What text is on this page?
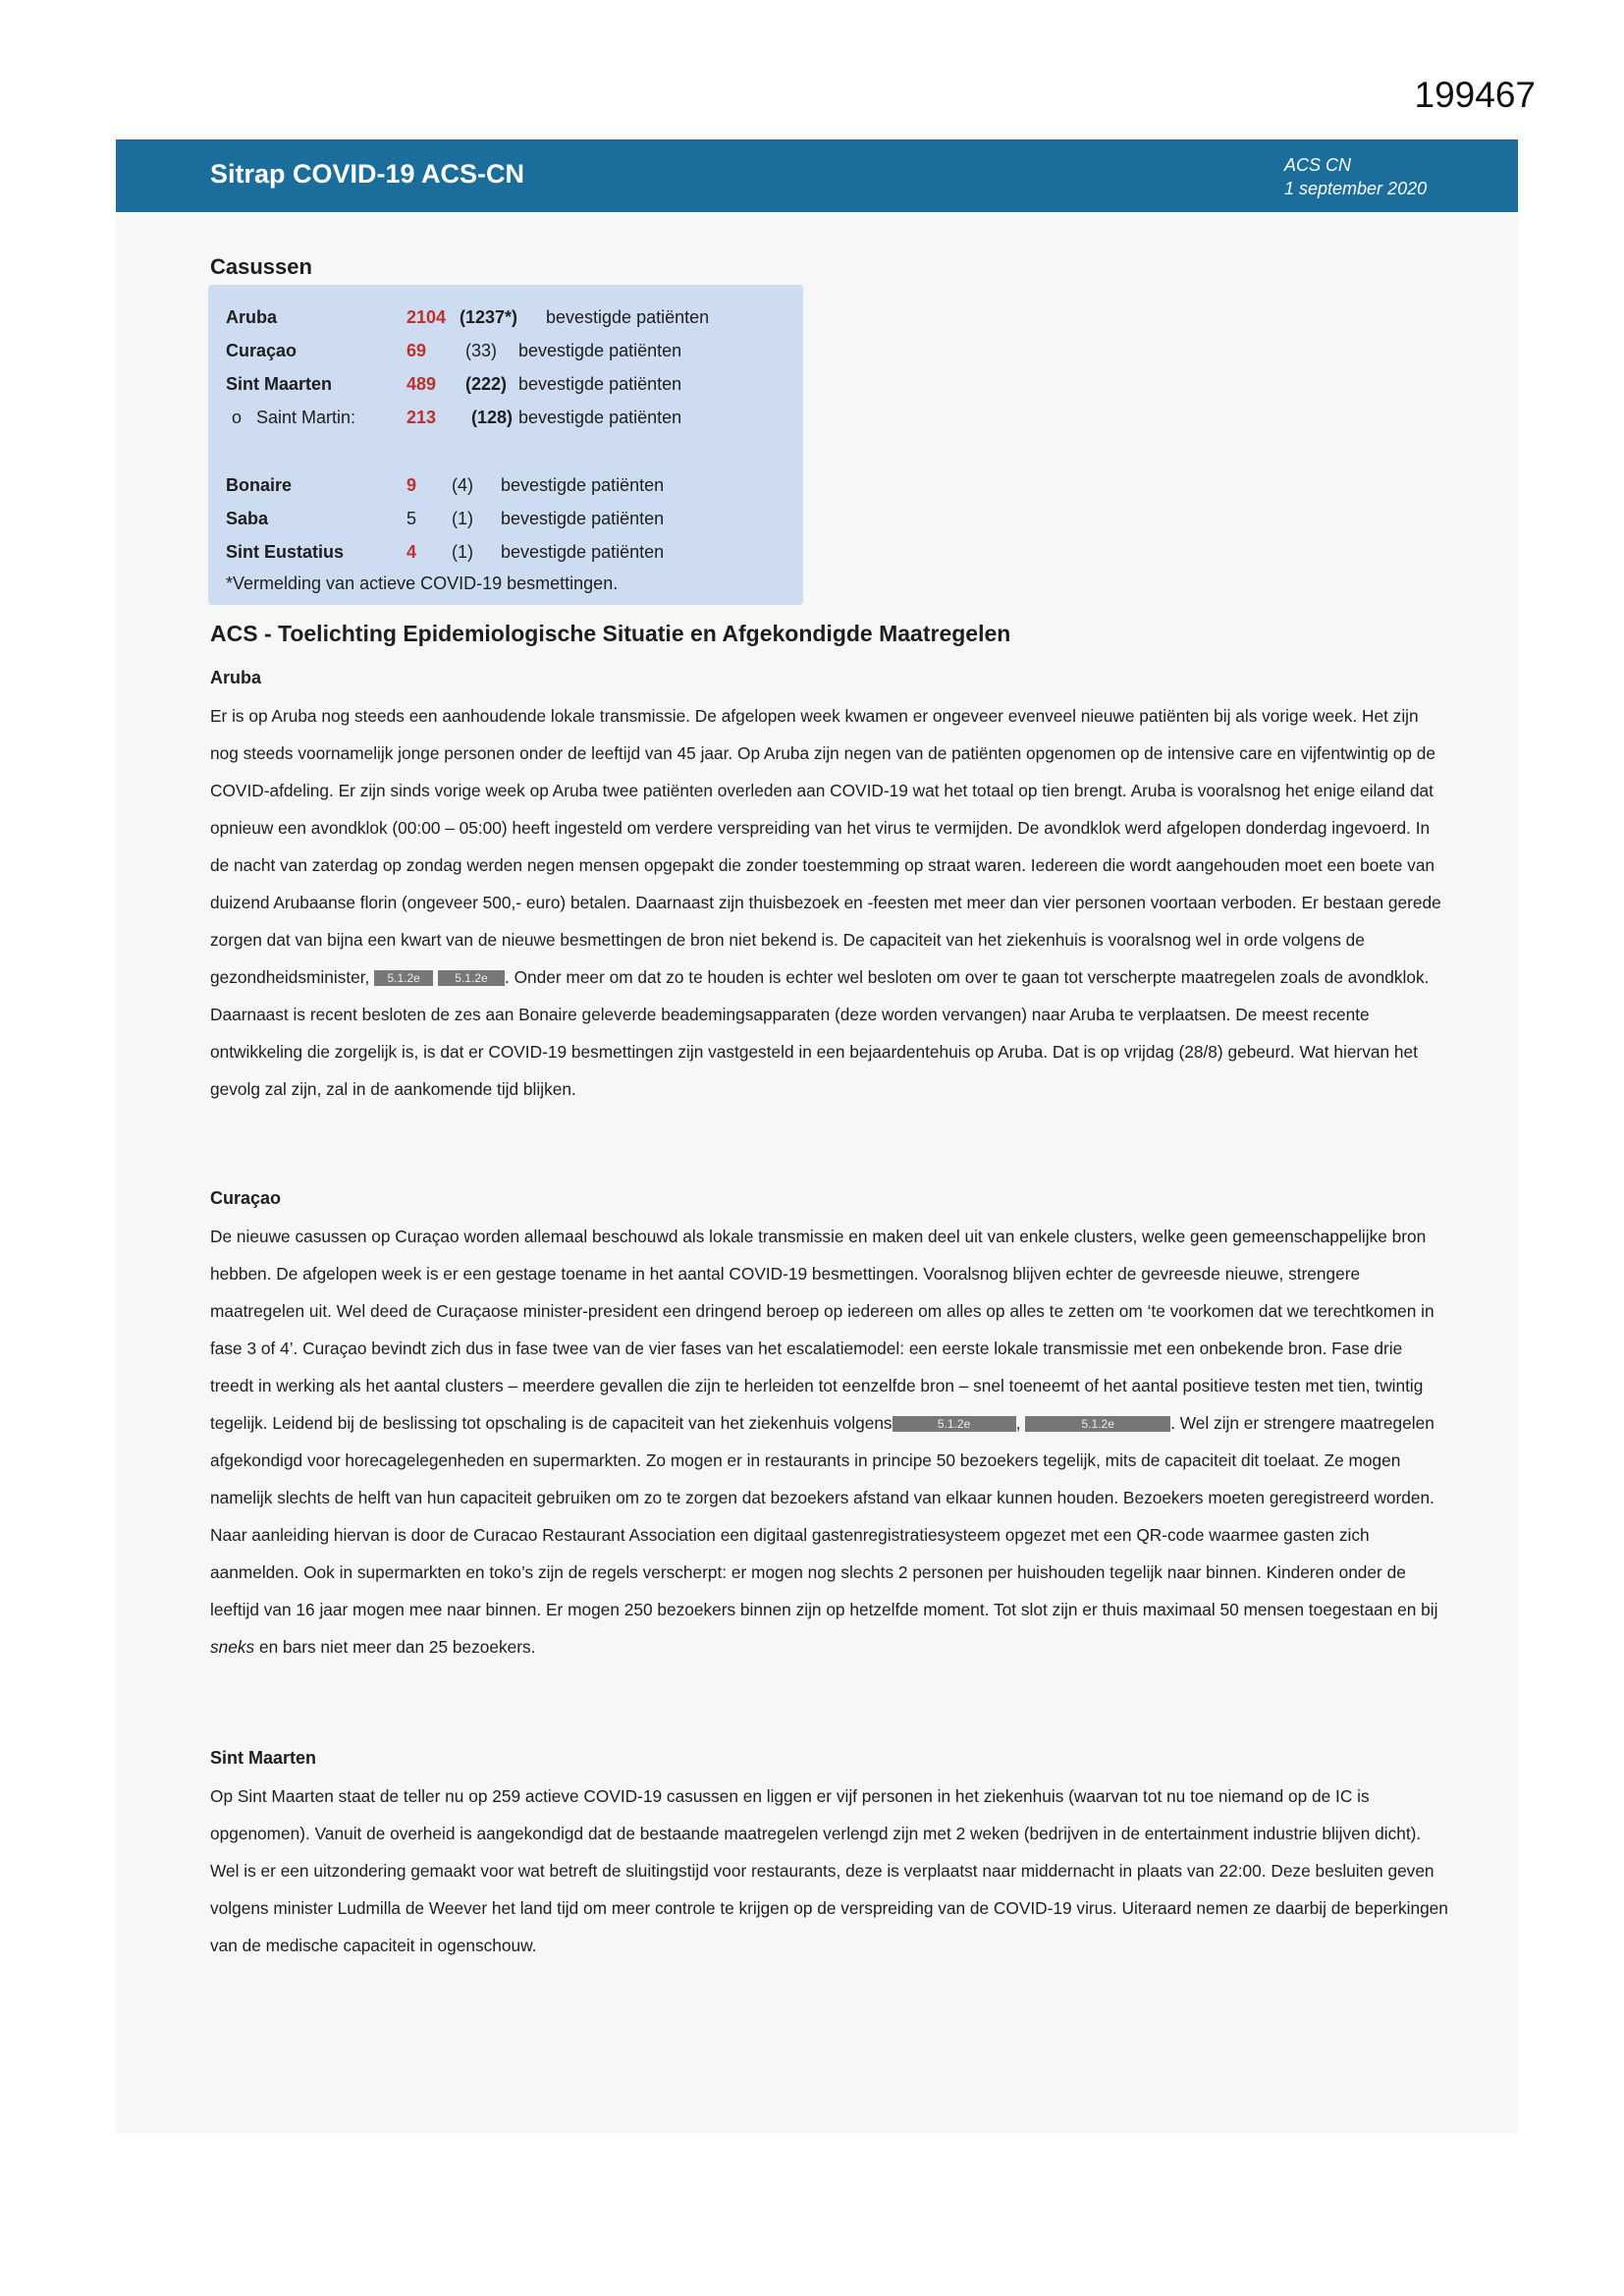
199467
Sitrap COVID-19 ACS-CN	ACS CN
1 september 2020
Casussen
Aruba	2104 (1237*) bevestigde patiënten
Curaçao	69 (33) bevestigde patiënten
Sint Maarten	489 (222) bevestigde patiënten
o   Saint Martin:	213 (128) bevestigde patiënten
Bonaire	9 (4) bevestigde patiënten
Saba	5 (1) bevestigde patiënten
Sint Eustatius	4 (1) bevestigde patiënten
*Vermelding van actieve COVID-19 besmettingen.
ACS - Toelichting Epidemiologische Situatie en Afgekondigde Maatregelen
Aruba

Er is op Aruba nog steeds een aanhoudende lokale transmissie. De afgelopen week kwamen er ongeveer evenveel nieuwe patiënten bij als vorige week. Het zijn nog steeds voornamelijk jonge personen onder de leeftijd van 45 jaar. Op Aruba zijn negen van de patiënten opgenomen op de intensive care en vijfentwintig op de COVID-afdeling. Er zijn sinds vorige week op Aruba twee patiënten overleden aan COVID-19 wat het totaal op tien brengt. Aruba is vooralsnog het enige eiland dat opnieuw een avondklok (00:00 – 05:00) heeft ingesteld om verdere verspreiding van het virus te vermijden. De avondklok werd afgelopen donderdag ingevoerd. In de nacht van zaterdag op zondag werden negen mensen opgepakt die zonder toestemming op straat waren. Iedereen die wordt aangehouden moet een boete van duizend Arubaanse florin (ongeveer 500,- euro) betalen. Daarnaast zijn thuisbezoek en -feesten met meer dan vier personen voortaan verboden. Er bestaan gerede zorgen dat van bijna een kwart van de nieuwe besmettingen de bron niet bekend is. De capaciteit van het ziekenhuis is vooralsnog wel in orde volgens de gezondheidsminister, 5.1.2e	5.1.2e . Onder meer om dat zo te houden is echter wel besloten om over te gaan tot verscherpte maatregelen zoals de avondklok. Daarnaast is recent besloten de zes aan Bonaire geleverde beademingsapparaten (deze worden vervangen) naar Aruba te verplaatsen. De meest recente ontwikkeling die zorgelijk is, is dat er COVID-19 besmettingen zijn vastgesteld in een bejaardentehuis op Aruba. Dat is op vrijdag (28/8) gebeurd. Wat hiervan het gevolg zal zijn, zal in de aankomende tijd blijken.

Curaçao

De nieuwe casussen op Curaçao worden allemaal beschouwd als lokale transmissie en maken deel uit van enkele clusters, welke geen gemeenschappelijke bron hebben. De afgelopen week is er een gestage toename in het aantal COVID-19 besmettingen. Vooralsnog blijven echter de gevreesde nieuwe, strengere maatregelen uit. Wel deed de Curaçaose minister-president een dringend beroep op iedereen om alles op alles te zetten om ‘te voorkomen dat we terechtkomen in fase 3 of 4’. Curaçao bevindt zich dus in fase twee van de vier fases van het escalatiemodel: een eerste lokale transmissie met een onbekende bron. Fase drie treedt in werking als het aantal clusters – meerdere gevallen die zijn te herleiden tot eenzelfde bron – snel toeneemt of het aantal positieve testen met tien, twintig tegelijk. Leidend bij de beslissing tot opschaling is de capaciteit van het ziekenhuis volgens	5.1.2e	,	5.1.2e	. Wel zijn er strengere maatregelen afgekondigd voor horecagelegenheden en supermarkten. Zo mogen er in restaurants in principe 50 bezoekers tegelijk, mits de capaciteit dit toelaat. Ze mogen namelijk slechts de helft van hun capaciteit gebruiken om zo te zorgen dat bezoekers afstand van elkaar kunnen houden. Bezoekers moeten geregistreerd worden. Naar aanleiding hiervan is door de Curacao Restaurant Association een digitaal gastenregistratiesysteem opgezet met een QR-code waarmee gasten zich aanmelden. Ook in supermarkten en toko’s zijn de regels verscherpt: er mogen nog slechts 2 personen per huishouden tegelijk naar binnen. Kinderen onder de leeftijd van 16 jaar mogen mee naar binnen. Er mogen 250 bezoekers binnen zijn op hetzelfde moment. Tot slot zijn er thuis maximaal 50 mensen toegestaan en bij sneks en bars niet meer dan 25 bezoekers.

Sint Maarten

Op Sint Maarten staat de teller nu op 259 actieve COVID-19 casussen en liggen er vijf personen in het ziekenhuis (waarvan tot nu toe niemand op de IC is opgenomen). Vanuit de overheid is aangekondigd dat de bestaande maatregelen verlengd zijn met 2 weken (bedrijven in de entertainment industrie blijven dicht). Wel is er een uitzondering gemaakt voor wat betreft de sluitingstijd voor restaurants, deze is verplaatst naar middernacht in plaats van 22:00. Deze besluiten geven volgens minister Ludmilla de Weever het land tijd om meer controle te krijgen op de verspreiding van de COVID-19 virus. Uiteraard nemen ze daarbij de beperkingen van de medische capaciteit in ogenschouw.
